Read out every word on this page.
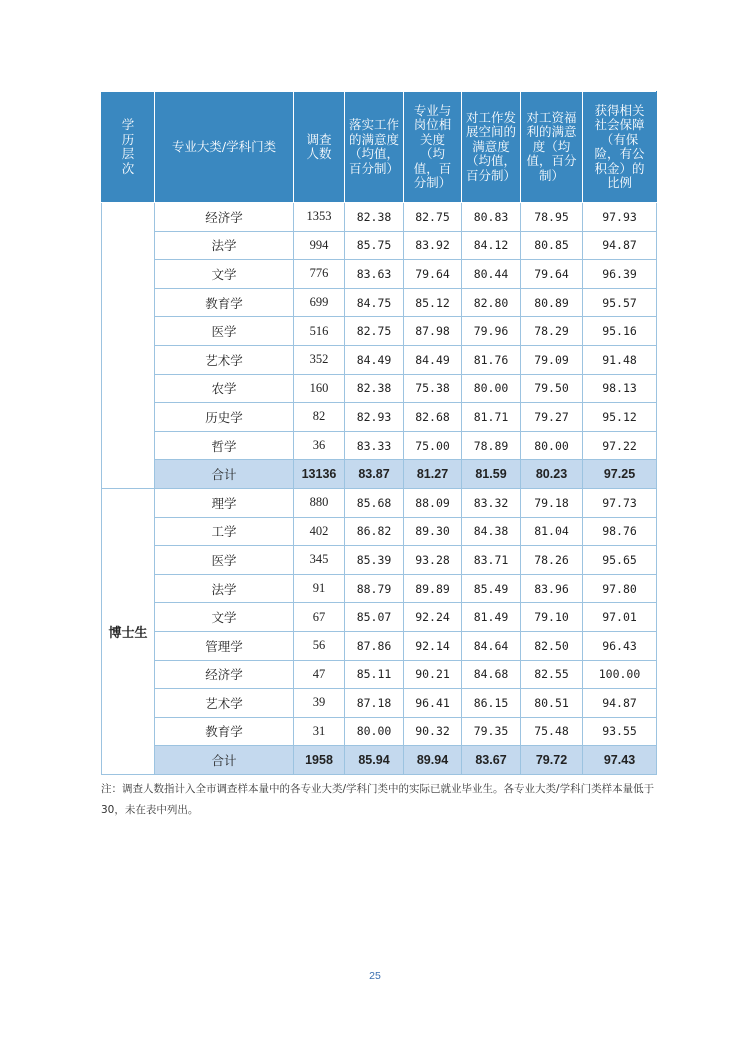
学历层次	专业大类/学科门类	调查人数	落实工作的满意度（均值，百分制）	专业与岗位相关度（均值，百分制）	对工作发展空间的满意度（均值，百分制）	对工资福利的满意度（均值，百分制）	获得相关社会保障（有保险，有公积金）的比例
	经济学	1353	82.38	82.75	80.83	78.95	97.93
	法学	994	85.75	83.92	84.12	80.85	94.87
	文学	776	83.63	79.64	80.44	79.64	96.39
	教育学	699	84.75	85.12	82.80	80.89	95.57
	医学	516	82.75	87.98	79.96	78.29	95.16
	艺术学	352	84.49	84.49	81.76	79.09	91.48
	农学	160	82.38	75.38	80.00	79.50	98.13
	历史学	82	82.93	82.68	81.71	79.27	95.12
	哲学	36	83.33	75.00	78.89	80.00	97.22
	合计	13136	83.87	81.27	81.59	80.23	97.25
博士生	理学	880	85.68	88.09	83.32	79.18	97.73
	工学	402	86.82	89.30	84.38	81.04	98.76
	医学	345	85.39	93.28	83.71	78.26	95.65
	法学	91	88.79	89.89	85.49	83.96	97.80
	文学	67	85.07	92.24	81.49	79.10	97.01
	管理学	56	87.86	92.14	84.64	82.50	96.43
	经济学	47	85.11	90.21	84.68	82.55	100.00
	艺术学	39	87.18	96.41	86.15	80.51	94.87
	教育学	31	80.00	90.32	79.35	75.48	93.55
	合计	1958	85.94	89.94	83.67	79.72	97.43
注：调查人数指计入全市调查样本量中的各专业大类/学科门类中的实际已就业毕业生。各专业大类/学科门类样本量低于 30，未在表中列出。
25
